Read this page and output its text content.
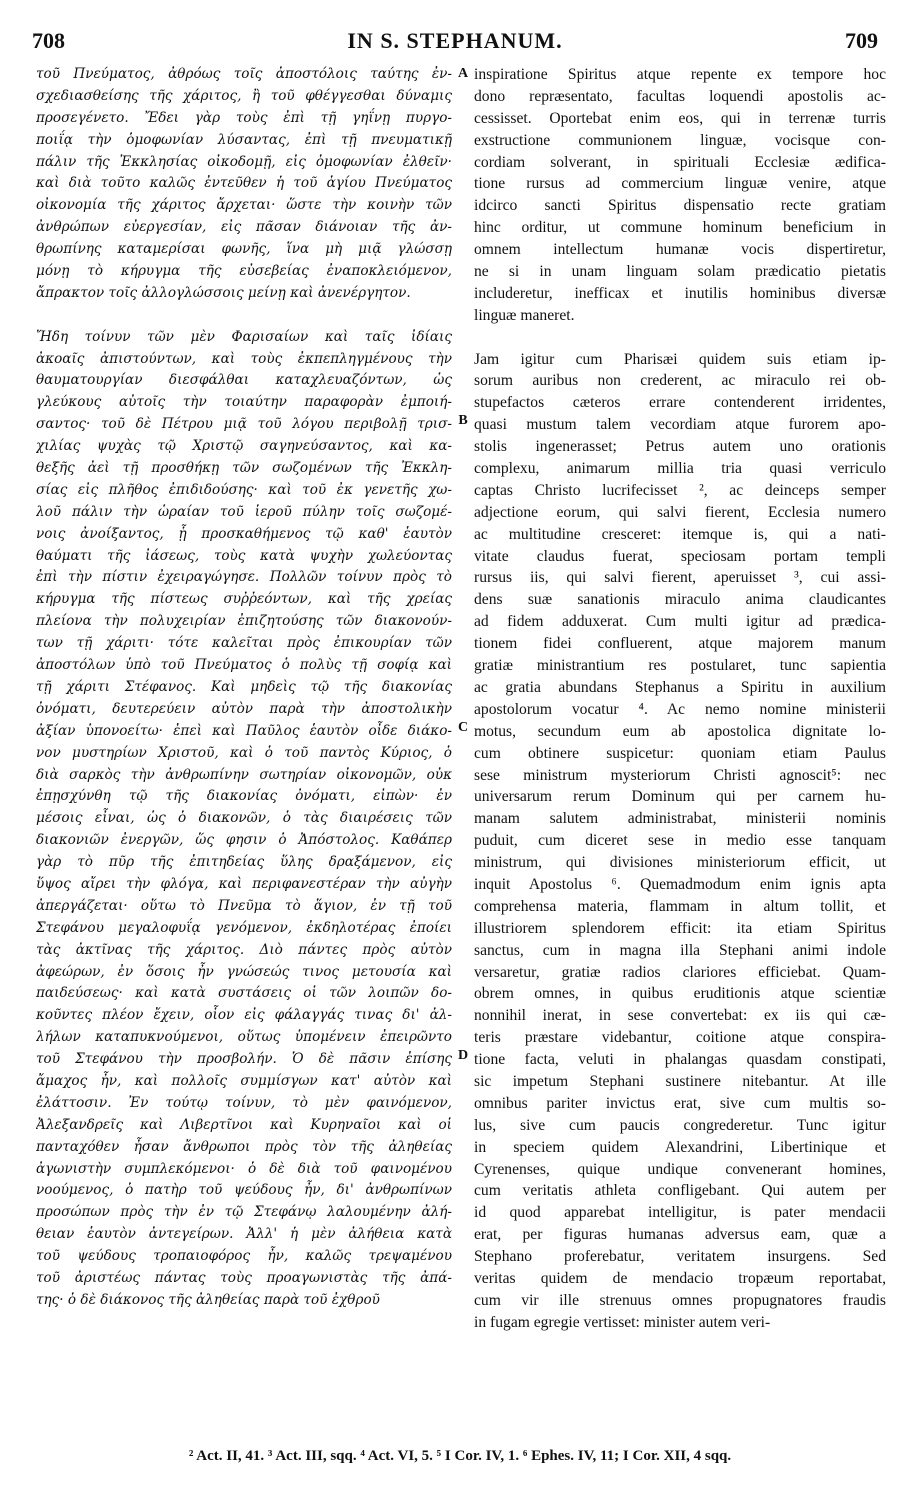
708	IN S. STEPHANUM.	709
τοῦ Πνεύματος, ἀθρόως τοῖς ἀποστόλοις ταύτης ἐν-
σχεδιασθείσης τῆς χάριτος, ἢ τοῦ φθέγγεσθαι δύναμις
προσεγένετο. Ἔδει γὰρ τοὺς ἐπὶ τῇ γηΐνῃ πυργο-
ποιΐᾳ τὴν ὁμοφωνίαν λύσαντας, ἐπὶ τῇ πνευματικῇ
πάλιν τῆς Ἐκκλησίας οἰκοδομῇ, εἰς ὁμοφωνίαν ἐλθεῖν·
καὶ διὰ τοῦτο καλῶς ἐντεῦθεν ἡ τοῦ ἁγίου Πνεύματος
οἰκονομία τῆς χάριτος ἄρχεται· ὥστε τὴν κοινὴν τῶν
ἀνθρώπων εὐεργεσίαν, εἰς πᾶσαν διάνοιαν τῆς ἀν-
θρωπίνης καταμερίσαι φωνῆς, ἵνα μὴ μιᾷ γλώσσῃ
μόνῃ τὸ κήρυγμα τῆς εὐσεβείας ἐναποκλειόμενον,
ἄπρακτον τοῖς ἀλλογλώσσοις μείνῃ καὶ ἀνενέργητον.
Ἤδη τοίνυν τῶν μὲν Φαρισαίων καὶ ταῖς ἰδίαις
ἀκοαῖς ἀπιστούντων, καὶ τοὺς ἐκπεπληγμένους τὴν
θαυματουργίαν διεσφάλθαι καταχλευαζόντων, ὡς
γλεύκους αὐτοῖς τὴν τοιαύτην παραφορὰν ἐμποιή-
σαντος· τοῦ δὲ Πέτρου μιᾷ τοῦ λόγου περιβολῇ τρισ-
χιλίας ψυχὰς τῷ Χριστῷ σαγηνεύσαντος, καὶ κα-
θεξῆς ἀεὶ τῇ προσθήκῃ τῶν σωζομένων τῆς Ἐκκλη-
σίας εἰς πλῆθος ἐπιδιδούσης· καὶ τοῦ ἐκ γενετῆς χω-
λοῦ πάλιν τὴν ὡραίαν τοῦ ἱεροῦ πύλην τοῖς σωζομέ-
νοις ἀνοίξαντος, ᾗ προσκαθήμενος τῷ καθ' ἑαυτὸν
θαύματι τῆς ἰάσεως, τοὺς κατὰ ψυχὴν χωλεύοντας
ἐπὶ τὴν πίστιν ἐχειραγώγησε. Πολλῶν τοίνυν πρὸς τὸ
κήρυγμα τῆς πίστεως συῤῥεόντων, καὶ τῆς χρείας
πλείονα τὴν πολυχειρίαν ἐπιζητούσης τῶν διακονούν-
των τῇ χάριτι· τότε καλεῖται πρὸς ἐπικουρίαν τῶν
ἀποστόλων ὑπὸ τοῦ Πνεύματος ὁ πολὺς τῇ σοφίᾳ καὶ
τῇ χάριτι Στέφανος. Καὶ μηδεὶς τῷ τῆς διακονίας
ὀνόματι, δευτερεύειν αὐτὸν παρὰ τὴν ἀποστολικὴν
ἀξίαν ὑπονοείτω· ἐπεὶ καὶ Παῦλος ἑαυτὸν οἶδε διάκο-
νον μυστηρίων Χριστοῦ, καὶ ὁ τοῦ παντὸς Κύριος, ὁ
διὰ σαρκὸς τὴν ἀνθρωπίνην σωτηρίαν οἰκονομῶν, οὐκ
ἐπῃσχύνθη τῷ τῆς διακονίας ὀνόματι, εἰπὼν· ἐν
μέσοις εἶναι, ὡς ὁ διακονῶν, ὁ τὰς διαιρέσεις τῶν
διακονιῶν ἐνεργῶν, ὥς φησιν ὁ Ἀπόστολος. Καθάπερ
γὰρ τὸ πῦρ τῆς ἐπιτηδείας ὕλης δραξάμενον, εἰς
ὕψος αἴρει τὴν φλόγα, καὶ περιφανεστέραν τὴν αὐγὴν
ἀπεργάζεται· οὕτω τὸ Πνεῦμα τὸ ἅγιον, ἐν τῇ τοῦ
Στεφάνου μεγαλοφυΐᾳ γενόμενον, ἐκδηλοτέρας ἐποίει
τὰς ἀκτῖνας τῆς χάριτος. Διὸ πάντες πρὸς αὐτὸν
ἀφεώρων, ἐν ὅσοις ἦν γνώσεώς τινος μετουσία καὶ
παιδεύσεως· καὶ κατὰ συστάσεις οἱ τῶν λοιπῶν δο-
κοῦντες πλέον ἔχειν, οἷον εἰς φάλαγγάς τινας δι' ἀλ-
λήλων καταπυκνούμενοι, οὕτως ὑπομένειν ἐπειρῶντο
τοῦ Στεφάνου τὴν προσβολήν. Ὁ δὲ πᾶσιν ἐπίσης
ἄμαχος ἦν, καὶ πολλοῖς συμμίσγων κατ' αὐτὸν καὶ
ἐλάττοσιν. Ἐν τούτῳ τοίνυν, τὸ μὲν φαινόμενον,
Ἀλεξανδρεῖς καὶ Λιβερτῖνοι καὶ Κυρηναῖοι καὶ οἱ
πανταχόθεν ἦσαν ἄνθρωποι πρὸς τὸν τῆς ἀληθείας
ἀγωνιστὴν συμπλεκόμενοι· ὁ δὲ διὰ τοῦ φαινομένου
νοούμενος, ὁ πατὴρ τοῦ ψεύδους ἦν, δι' ἀνθρωπίνων
προσώπων πρὸς τὴν ἐν τῷ Στεφάνῳ λαλουμένην ἀλή-
θειαν ἑαυτὸν ἀντεγείρων. Ἀλλ' ἡ μὲν ἀλήθεια κατὰ
τοῦ ψεύδους τροπαιοφόρος ἦν, καλῶς τρεψαμένου
τοῦ ἀριστέως πάντας τοὺς προαγωνιστὰς τῆς ἀπά-
της· ὁ δὲ διάκονος τῆς ἀληθείας παρὰ τοῦ ἐχθροῦ
inspiratione Spiritus atque repente ex tempore hoc
dono repræsentato, facultas loquendi apostolis ac-
cessisset. Oportebat enim eos, qui in terrenæ turris
exstructione communionem linguæ, vocisque con-
cordiam solverant, in spirituali Ecclesiæ ædifica-
tione rursus ad commercium linguæ venire, atque
idcirco sancti Spiritus dispensatio recte gratiam
hinc orditur, ut commune hominum beneficium in
omnem intellectum humanæ vocis dispertiretur,
ne si in unam linguam solam prædicatio pietatis
includeretur, inefficax et inutilis hominibus diversæ
linguæ maneret.
Jam igitur cum Pharisæi quidem suis etiam ip-
sorum auribus non crederent, ac miraculo rei ob-
stupefactos cæteros errare contenderent irridentes,
quasi mustum talem vecordiam atque furorem apo-
stolis ingenerasset; Petrus autem uno orationis
complexu, animarum millia tria quasi verriculo
captas Christo lucrifecisset ², ac deinceps semper
adjectione eorum, qui salvi fierent, Ecclesia numero
ac multitudine cresceret: itemque is, qui a nati-
vitate claudus fuerat, speciosam portam templi
rursus iis, qui salvi fierent, aperuisset ³, cui assi-
dens suæ sanationis miraculo anima claudicantes
ad fidem adduxerat. Cum multi igitur ad prædica-
tionem fidei confluerent, atque majorem manum
gratiæ ministrantium res postularet, tunc sapientia
ac gratia abundans Stephanus a Spiritu in auxilium
apostolorum vocatur ⁴. Ac nemo nomine ministerii
motus, secundum eum ab apostolica dignitate lo-
cum obtinere suspicetur: quoniam etiam Paulus
sese ministrum mysteriorum Christi agnoscit⁵: nec
universarum rerum Dominum qui per carnem hu-
manam salutem administrabat, ministerii nominis
puduit, cum diceret sese in medio esse tanquam
ministrum, qui divisiones ministeriorum efficit, ut
inquit Apostolus ⁶. Quemadmodum enim ignis apta
comprehensa materia, flammam in altum tollit, et
illustriorem splendorem efficit: ita etiam Spiritus
sanctus, cum in magna illa Stephani animi indole
versaretur, gratiæ radios clariores efficiebat. Quam-
obrem omnes, in quibus eruditionis atque scientiæ
nonnihil inerat, in sese convertebat: ex iis qui cæ-
teris præstare videbantur, coitione atque conspira-
tione facta, veluti in phalangas quasdam constipati,
sic impetum Stephani sustinere nitebantur. At ille
omnibus pariter invictus erat, sive cum multis so-
lus, sive cum paucis congrederetur. Tunc igitur
in speciem quidem Alexandrini, Libertinique et
Cyrenenses, quique undique convenerant homines,
cum veritatis athleta confligebant. Qui autem per
id quod apparebat intelligitur, is pater mendacii
erat, per figuras humanas adversus eam, quæ a
Stephano proferebatur, veritatem insurgens. Sed
veritas quidem de mendacio tropæum reportabat,
cum vir ille strenuus omnes propugnatores fraudis
in fugam egregie vertisset: minister autem veri-
A
B
C
D
² Act. II, 41. ³ Act. III, sqq. ⁴ Act. VI, 5. ⁵ I Cor. IV, 1. ⁶ Ephes. IV, 11; I Cor. XII, 4 sqq.
